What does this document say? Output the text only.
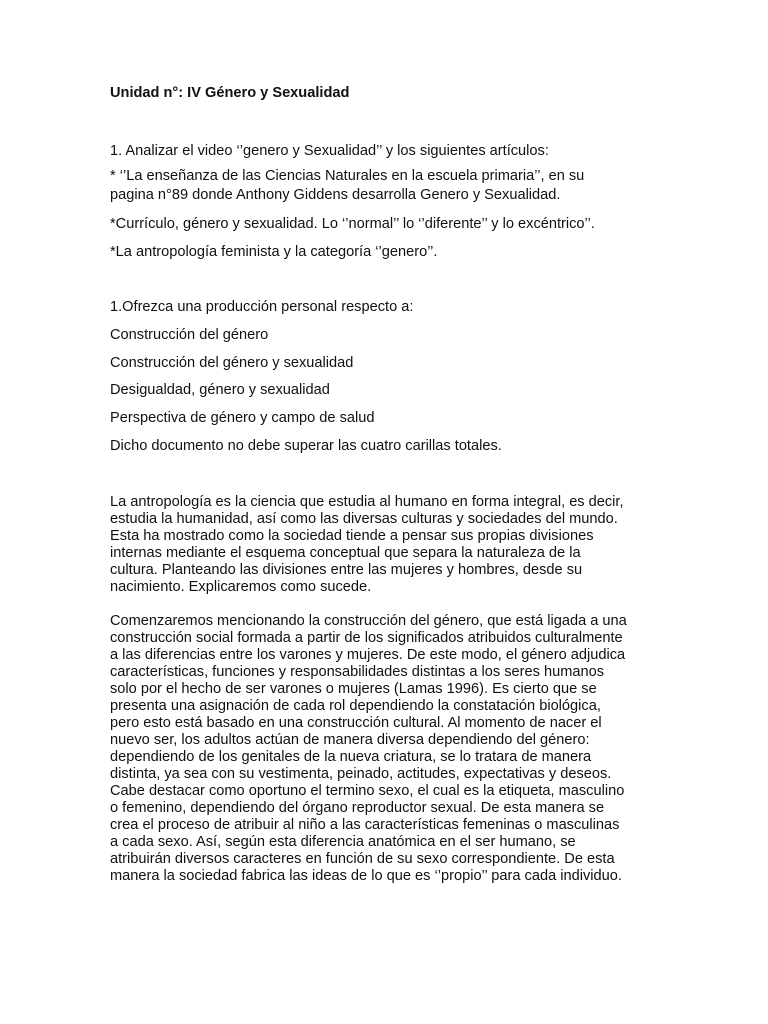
Unidad n°: IV Género y Sexualidad

1. Analizar el video ‘’genero y Sexualidad’’ y los siguientes artículos:

* ‘’La enseñanza de las Ciencias Naturales en la escuela primaria’’, en su

pagina n°89 donde Anthony Giddens desarrolla Genero y Sexualidad.

*Currículo, género y sexualidad. Lo ‘’normal’’ lo ‘’diferente’’ y lo excéntrico’’.

*La antropología feminista y la categoría ‘’genero’’.

1.Ofrezca una producción personal respecto a:

Construcción del género

Construcción del género y sexualidad

Desigualdad, género y sexualidad

Perspectiva de género y campo de salud

Dicho documento no debe superar las cuatro carillas totales.

La antropología es la ciencia que estudia al humano en forma integral, es decir,
estudia la humanidad, así como las diversas culturas y sociedades del mundo.
Esta ha mostrado como la sociedad tiende a pensar sus propias divisiones
internas mediante el esquema conceptual que separa la naturaleza de la
cultura. Planteando las divisiones entre las mujeres y hombres, desde su
nacimiento. Explicaremos como sucede.

Comenzaremos mencionando la construcción del género, que está ligada a una
construcción social formada a partir de los significados atribuidos culturalmente
a las diferencias entre los varones y mujeres. De este modo, el género adjudica
características, funciones y responsabilidades distintas a los seres humanos
solo por el hecho de ser varones o mujeres (Lamas 1996). Es cierto que se
presenta una asignación de cada rol dependiendo la constatación biológica,
pero esto está basado en una construcción cultural. Al momento de nacer el
nuevo ser, los adultos actúan de manera diversa dependiendo del género:
dependiendo de los genitales de la nueva criatura, se lo tratara de manera
distinta, ya sea con su vestimenta, peinado, actitudes, expectativas y deseos.
Cabe destacar como oportuno el termino sexo, el cual es la etiqueta, masculino
o femenino, dependiendo del órgano reproductor sexual. De esta manera se
crea el proceso de atribuir al niño a las características femeninas o masculinas
a cada sexo. Así, según esta diferencia anatómica en el ser humano, se
atribuirán diversos caracteres en función de su sexo correspondiente. De esta
manera la sociedad fabrica las ideas de lo que es ‘’propio’’ para cada individuo.
